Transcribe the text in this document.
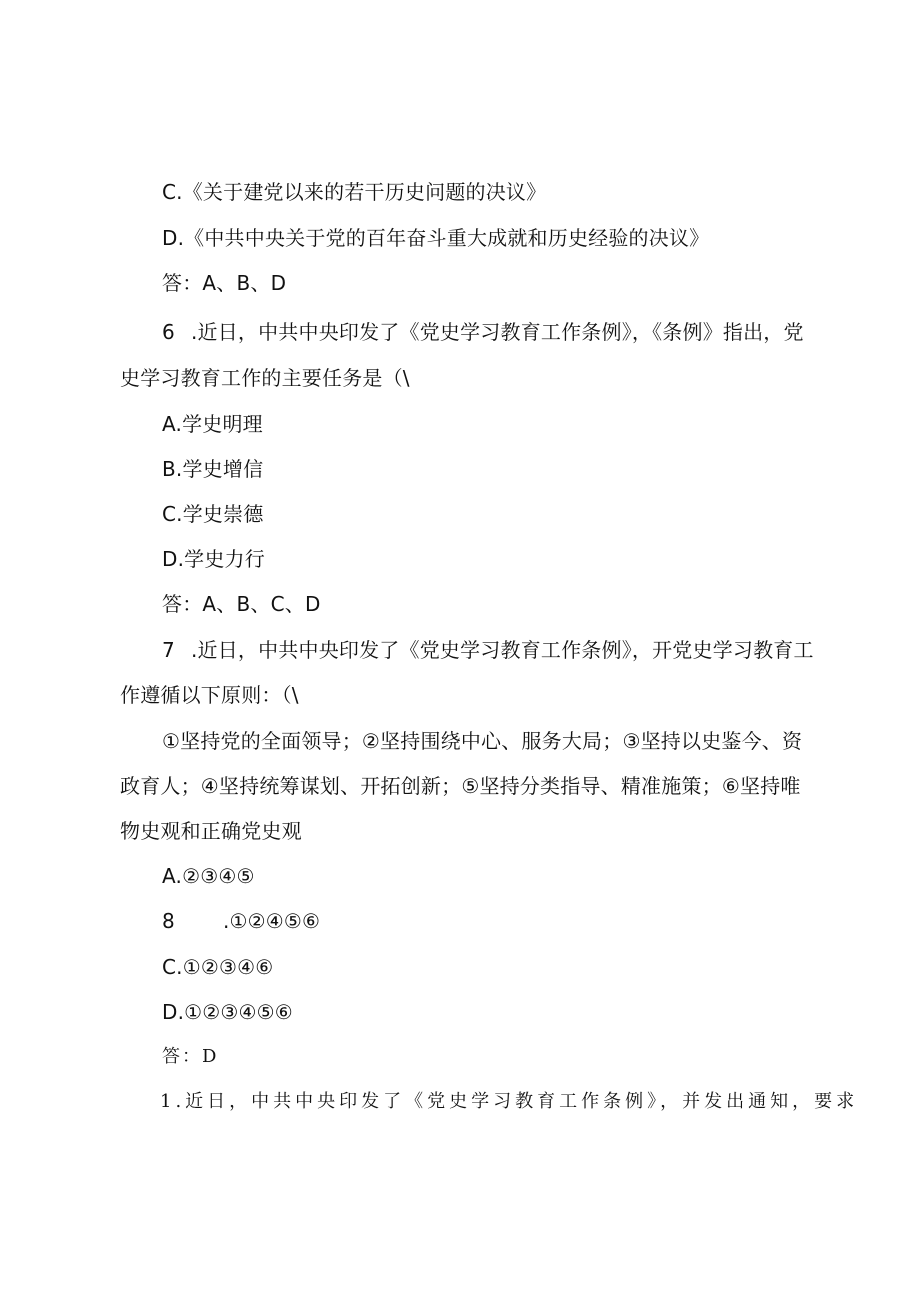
C.《关于建党以来的若干历史问题的决议》
D.《中共中央关于党的百年奋斗重大成就和历史经验的决议》
答：A、B、D
6 .近日，中共中央印发了《党史学习教育工作条例》，《条例》指出，党
史学习教育工作的主要任务是（\
A.学史明理
B.学史增信
C.学史崇德
D.学史力行
答：A、B、C、D
7 .近日，中共中央印发了《党史学习教育工作条例》，开党史学习教育工
作遵循以下原则：（\
①坚持党的全面领导；②坚持围绕中心、服务大局；③坚持以史鉴今、资
政育人；④坚持统筹谋划、开拓创新；⑤坚持分类指导、精准施策；⑥坚持唯
物史观和正确党史观
A.②③④⑤
8 .①②④⑤⑥
C.①②③④⑥
D.①②③④⑤⑥
答：D
1.近日，中共中央印发了《党史学习教育工作条例》，并发出通知，要求
